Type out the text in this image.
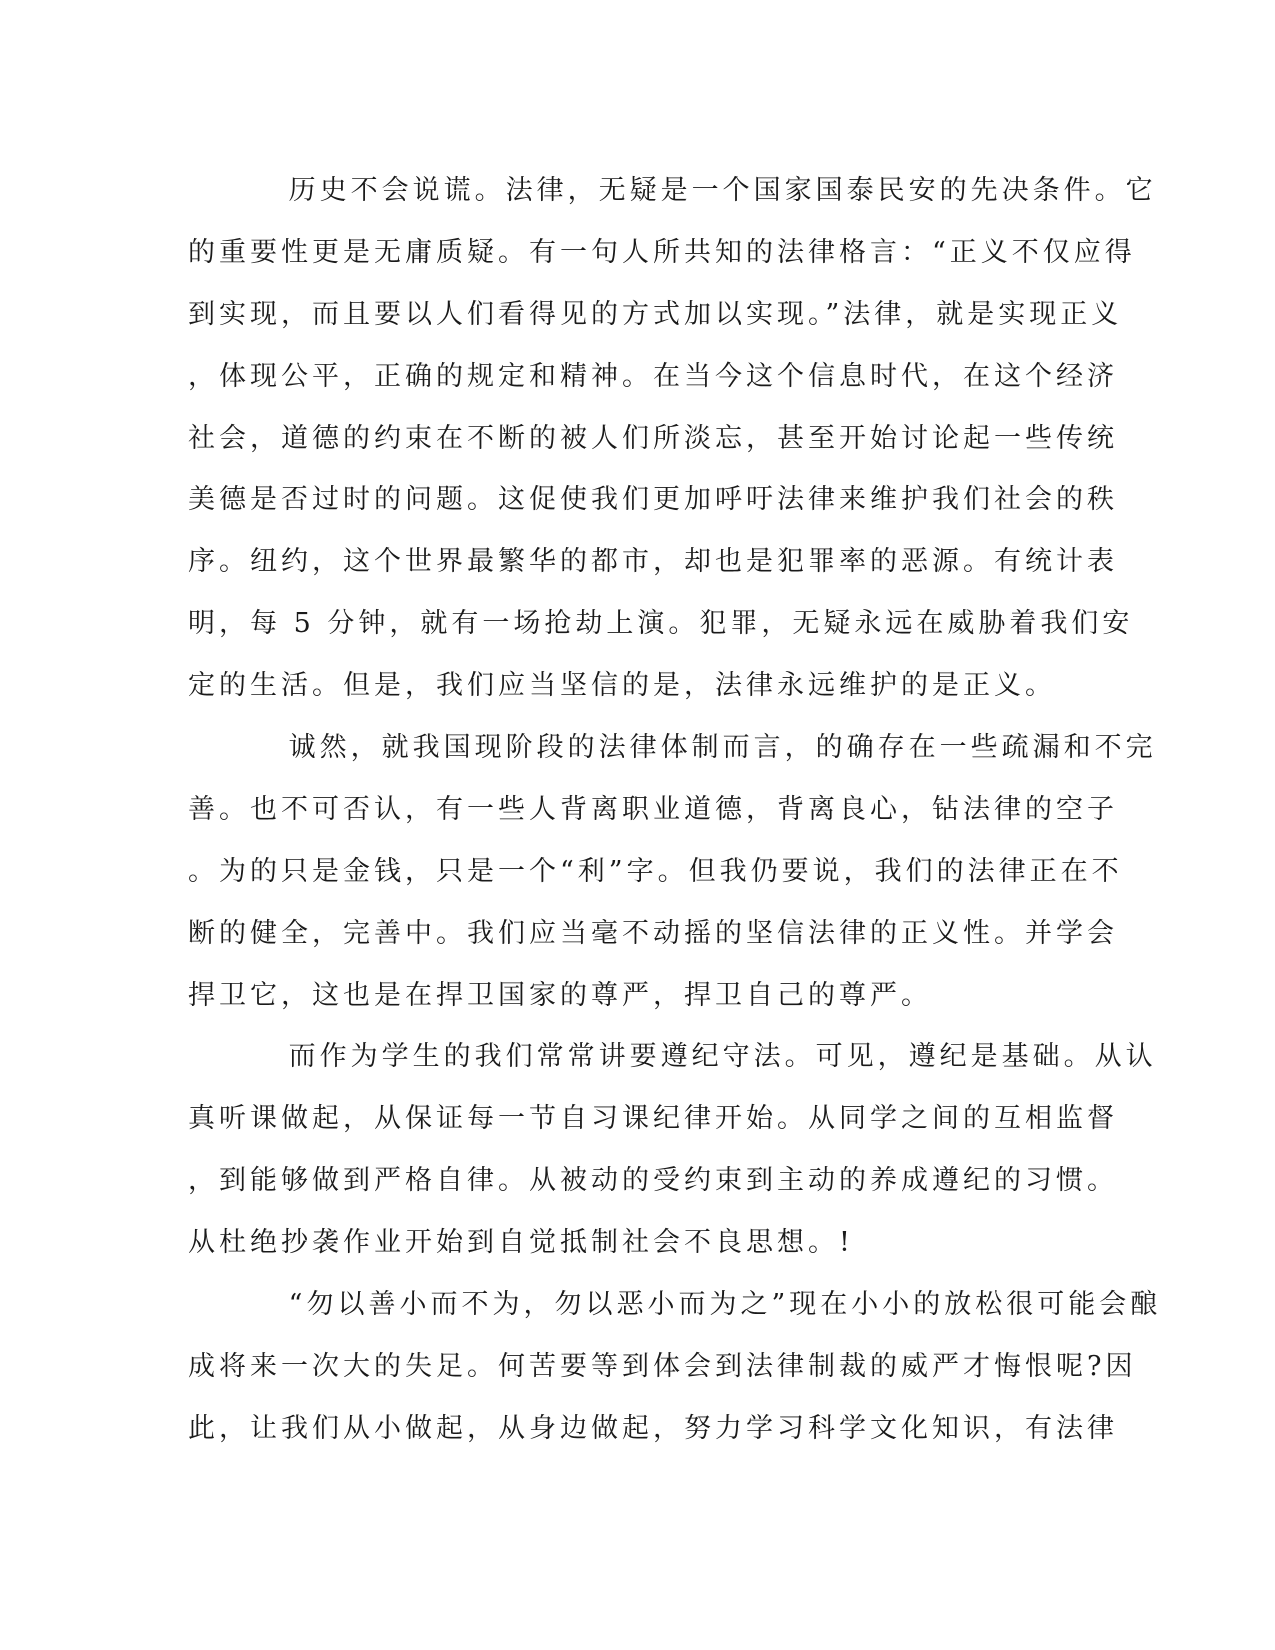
历史不会说谎。法律，无疑是一个国家国泰民安的先决条件。它
的重要性更是无庸质疑。有一句人所共知的法律格言：“正义不仅应得
到实现，而且要以人们看得见的方式加以实现。”法律，就是实现正义
，体现公平，正确的规定和精神。在当今这个信息时代，在这个经济
社会，道德的约束在不断的被人们所淡忘，甚至开始讨论起一些传统
美德是否过时的问题。这促使我们更加呼吁法律来维护我们社会的秩
序。纽约，这个世界最繁华的都市，却也是犯罪率的恶源。有统计表
明，每 5 分钟，就有一场抢劫上演。犯罪，无疑永远在威胁着我们安
定的生活。但是，我们应当坚信的是，法律永远维护的是正义。
诚然，就我国现阶段的法律体制而言，的确存在一些疏漏和不完
善。也不可否认，有一些人背离职业道德，背离良心，钻法律的空子
。为的只是金钱，只是一个“利”字。但我仍要说，我们的法律正在不
断的健全，完善中。我们应当毫不动摇的坚信法律的正义性。并学会
捍卫它，这也是在捍卫国家的尊严，捍卫自己的尊严。
而作为学生的我们常常讲要遵纪守法。可见，遵纪是基础。从认
真听课做起，从保证每一节自习课纪律开始。从同学之间的互相监督
，到能够做到严格自律。从被动的受约束到主动的养成遵纪的习惯。
从杜绝抄袭作业开始到自觉抵制社会不良思想。!
“勿以善小而不为，勿以恶小而为之”现在小小的放松很可能会酿
成将来一次大的失足。何苦要等到体会到法律制裁的威严才悔恨呢?因
此，让我们从小做起，从身边做起，努力学习科学文化知识，有法律
